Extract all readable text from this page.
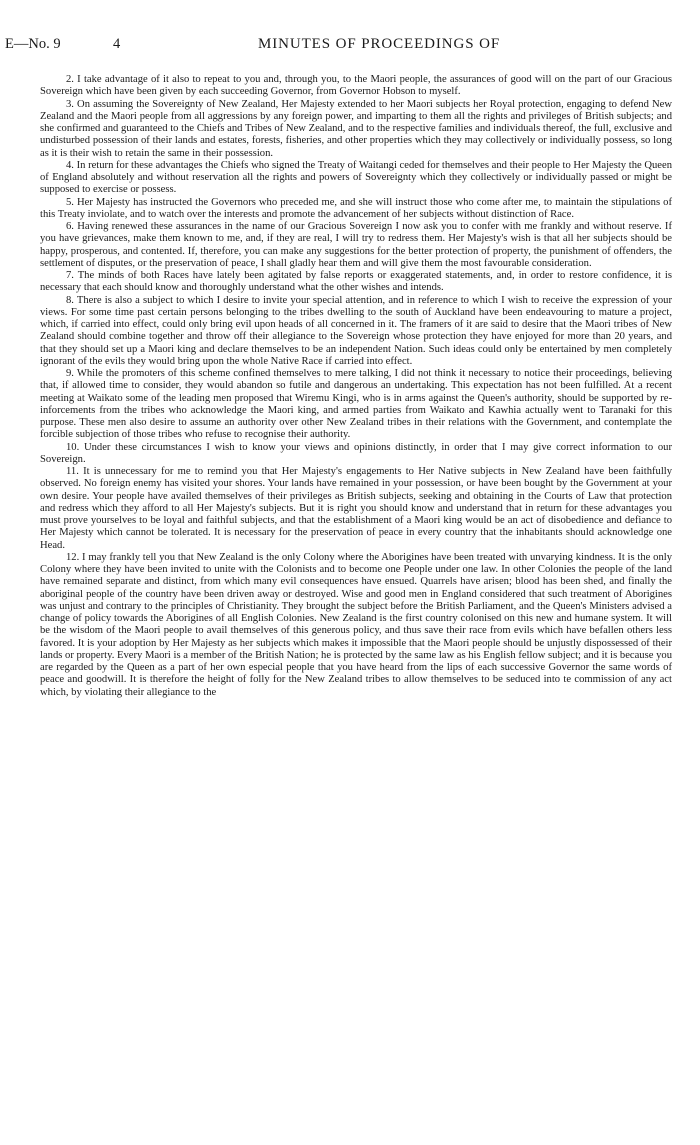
E—No. 9	4	MINUTES OF PROCEEDINGS OF

2. I take advantage of it also to repeat to you and, through you, to the Maori people, the assurances of good will on the part of our Gracious Sovereign which have been given by each succeeding Governor, from Governor Hobson to myself.

3. On assuming the Sovereignty of New Zealand, Her Majesty extended to her Maori subjects her Royal protection, engaging to defend New Zealand and the Maori people from all aggressions by any foreign power, and imparting to them all the rights and privileges of British subjects; and she confirmed and guaranteed to the Chiefs and Tribes of New Zealand, and to the respective families and individuals thereof, the full, exclusive and undisturbed possession of their lands and estates, forests, fisheries, and other properties which they may collectively or individually possess, so long as it is their wish to retain the same in their possession.

4. In return for these advantages the Chiefs who signed the Treaty of Waitangi ceded for themselves and their people to Her Majesty the Queen of England absolutely and without reservation all the rights and powers of Sovereignty which they collectively or individually passed or might be supposed to exercise or possess.

5. Her Majesty has instructed the Governors who preceded me, and she will instruct those who come after me, to maintain the stipulations of this Treaty inviolate, and to watch over the interests and promote the advancement of her subjects without distinction of Race.

6. Having renewed these assurances in the name of our Gracious Sovereign I now ask you to confer with me frankly and without reserve. If you have grievances, make them known to me, and, if they are real, I will try to redress them. Her Majesty's wish is that all her subjects should be happy, prosperous, and contented. If, therefore, you can make any suggestions for the better protection of property, the punishment of offenders, the settlement of disputes, or the preservation of peace, I shall gladly hear them and will give them the most favourable consideration.

7. The minds of both Races have lately been agitated by false reports or exaggerated statements, and, in order to restore confidence, it is necessary that each should know and thoroughly understand what the other wishes and intends.

8. There is also a subject to which I desire to invite your special attention, and in reference to which I wish to receive the expression of your views. For some time past certain persons belonging to the tribes dwelling to the south of Auckland have been endeavouring to mature a project, which, if carried into effect, could only bring evil upon heads of all concerned in it. The framers of it are said to desire that the Maori tribes of New Zealand should combine together and throw off their allegiance to the Sovereign whose protection they have enjoyed for more than 20 years, and that they should set up a Maori king and declare themselves to be an independent Nation. Such ideas could only be entertained by men completely ignorant of the evils they would bring upon the whole Native Race if carried into effect.

9. While the promoters of this scheme confined themselves to mere talking, I did not think it necessary to notice their proceedings, believing that, if allowed time to consider, they would abandon so futile and dangerous an undertaking. This expectation has not been fulfilled. At a recent meeting at Waikato some of the leading men proposed that Wiremu Kingi, who is in arms against the Queen's authority, should be supported by re-inforcements from the tribes who acknowledge the Maori king, and armed parties from Waikato and Kawhia actually went to Taranaki for this purpose. These men also desire to assume an authority over other New Zealand tribes in their relations with the Government, and contemplate the forcible subjection of those tribes who refuse to recognise their authority.

10. Under these circumstances I wish to know your views and opinions distinctly, in order that I may give correct information to our Sovereign.

11. It is unnecessary for me to remind you that Her Majesty's engagements to Her Native subjects in New Zealand have been faithfully observed. No foreign enemy has visited your shores. Your lands have remained in your possession, or have been bought by the Government at your own desire. Your people have availed themselves of their privileges as British subjects, seeking and obtaining in the Courts of Law that protection and redress which they afford to all Her Majesty's subjects. But it is right you should know and understand that in return for these advantages you must prove yourselves to be loyal and faithful subjects, and that the establishment of a Maori king would be an act of disobedience and defiance to Her Majesty which cannot be tolerated. It is necessary for the preservation of peace in every country that the inhabitants should acknowledge one Head.

12. I may frankly tell you that New Zealand is the only Colony where the Aborigines have been treated with unvarying kindness. It is the only Colony where they have been invited to unite with the Colonists and to become one People under one law. In other Colonies the people of the land have remained separate and distinct, from which many evil consequences have ensued. Quarrels have arisen; blood has been shed, and finally the aboriginal people of the country have been driven away or destroyed. Wise and good men in England considered that such treatment of Aborigines was unjust and contrary to the principles of Christianity. They brought the subject before the British Parliament, and the Queen's Ministers advised a change of policy towards the Aborigines of all English Colonies. New Zealand is the first country colonised on this new and humane system. It will be the wisdom of the Maori people to avail themselves of this generous policy, and thus save their race from evils which have befallen others less favored. It is your adoption by Her Majesty as her subjects which makes it impossible that the Maori people should be unjustly dispossessed of their lands or property. Every Maori is a member of the British Nation; he is protected by the same law as his English fellow subject; and it is because you are regarded by the Queen as a part of her own especial people that you have heard from the lips of each successive Governor the same words of peace and goodwill. It is therefore the height of folly for the New Zealand tribes to allow themselves to be seduced into te commission of any act which, by violating their allegiance to the
